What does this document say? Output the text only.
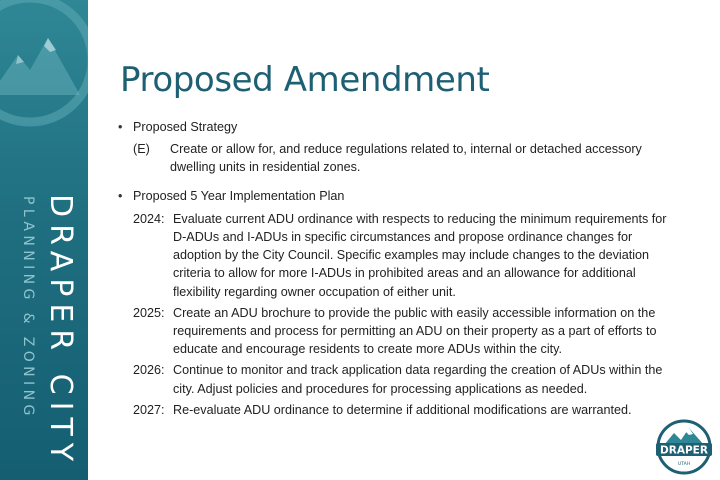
DRAPER CITY
PLANNING & ZONING
Proposed Amendment
• Proposed Strategy
(E) Create or allow for, and reduce regulations related to, internal or detached accessory dwelling units in residential zones.
• Proposed 5 Year Implementation Plan
2024: Evaluate current ADU ordinance with respects to reducing the minimum requirements for D-ADUs and I-ADUs in specific circumstances and propose ordinance changes for adoption by the City Council. Specific examples may include changes to the deviation criteria to allow for more I-ADUs in prohibited areas and an allowance for additional flexibility regarding owner occupation of either unit.
2025: Create an ADU brochure to provide the public with easily accessible information on the requirements and process for permitting an ADU on their property as a part of efforts to educate and encourage residents to create more ADUs within the city.
2026: Continue to monitor and track application data regarding the creation of ADUs within the city. Adjust policies and procedures for processing applications as needed.
2027: Re-evaluate ADU ordinance to determine if additional modifications are warranted.
DRAPER
UTAH
